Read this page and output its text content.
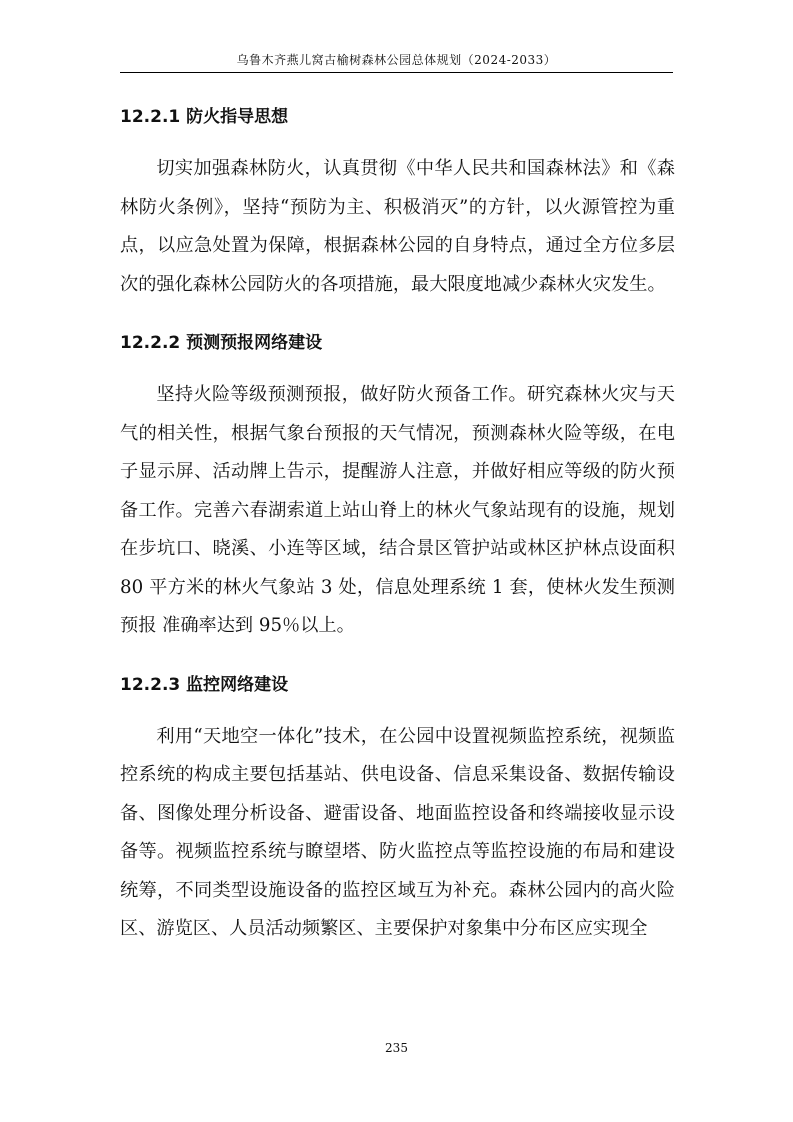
乌鲁木齐燕儿窝古榆树森林公园总体规划（2024-2033）
12.2.1 防火指导思想

切实加强森林防火，认真贯彻《中华人民共和国森林法》和《森林防火条例》，坚持“预防为主、积极消灭”的方针，以火源管控为重点，以应急处置为保障，根据森林公园的自身特点，通过全方位多层次的强化森林公园防火的各项措施，最大限度地减少森林火灾发生。

12.2.2 预测预报网络建设

坚持火险等级预测预报，做好防火预备工作。研究森林火灾与天气的相关性，根据气象台预报的天气情况，预测森林火险等级，在电子显示屏、活动牌上告示，提醒游人注意，并做好相应等级的防火预备工作。完善六春湖索道上站山脊上的林火气象站现有的设施，规划在步坑口、晓溪、小连等区域，结合景区管护站或林区护林点设面积80 平方米的林火气象站 3 处，信息处理系统 1 套，使林火发生预测预报 准确率达到 95％以上。

12.2.3 监控网络建设

利用“天地空一体化”技术，在公园中设置视频监控系统，视频监控系统的构成主要包括基站、供电设备、信息采集设备、数据传输设备、图像处理分析设备、避雷设备、地面监控设备和终端接收显示设备等。视频监控系统与瞭望塔、防火监控点等监控设施的布局和建设统筹，不同类型设施设备的监控区域互为补充。森林公园内的高火险区、游览区、人员活动频繁区、主要保护对象集中分布区应实现全

235
